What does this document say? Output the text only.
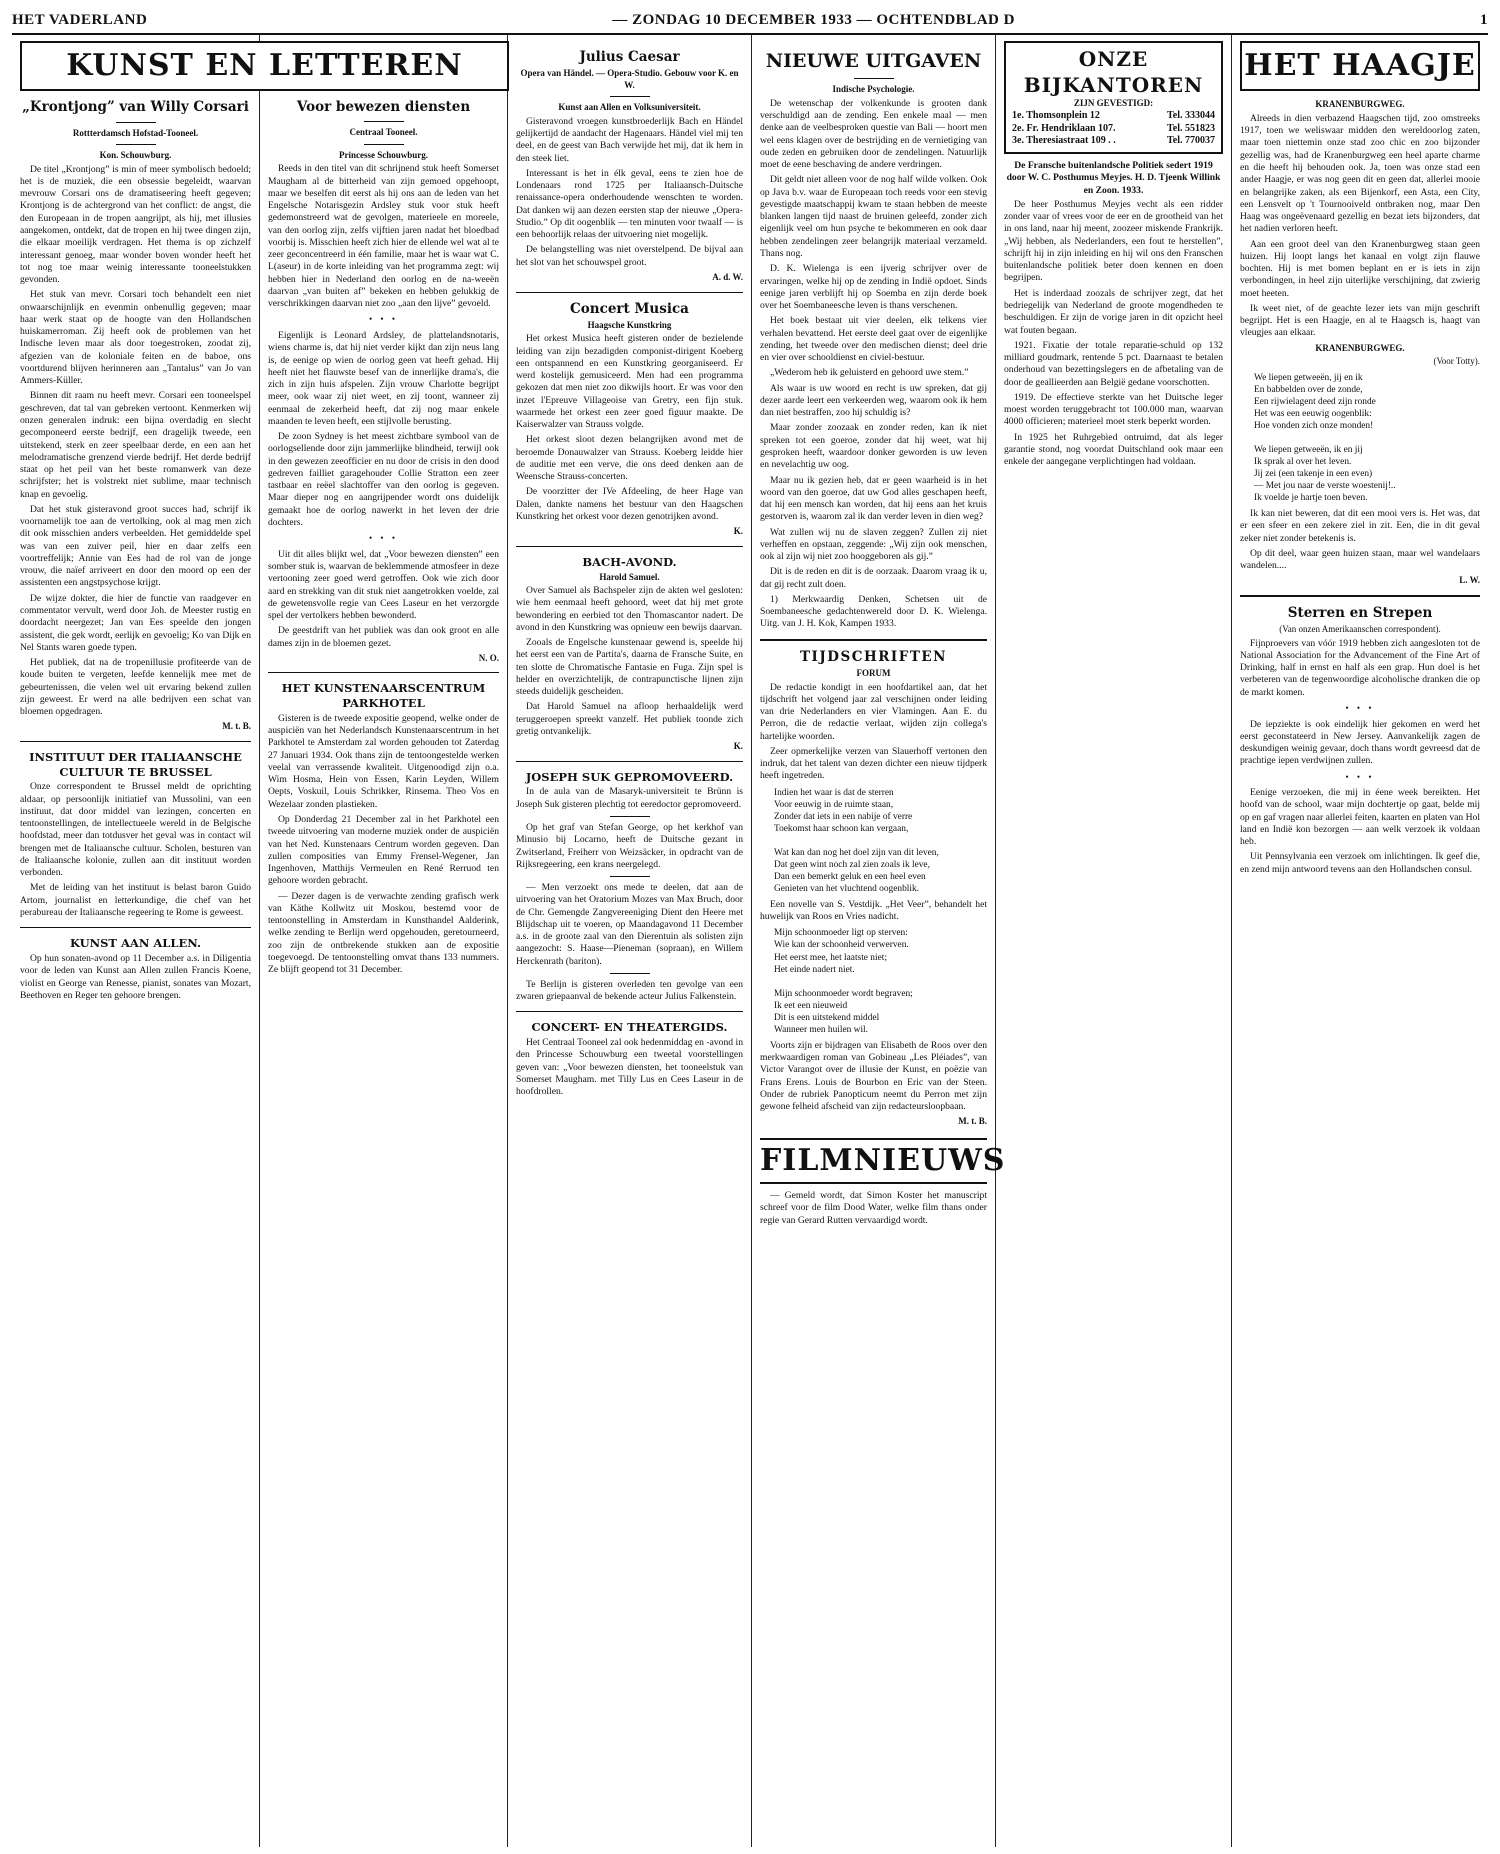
HET VADERLAND	— ZONDAG 10 DECEMBER 1933 — OCHTENDBLAD D	1
KUNST EN LETTEREN
„Krontjong” van Willy Corsari
Rottterdamsch Hofstad-Tooneel.
Kon. Schouwburg.

De titel „Krontjong” is min of meer symbolisch bedoeld; het is de muziek, die een obsessie begeleidt, waarvan mevrouw Corsari ons de dramatiseering heeft gegeven; Krontjong is de achtergrond van het conflict: de angst, die den Europeaan in de tropen aangrijpt, als hij, met illusies aangekomen, ontdekt, dat de tropen en hij twee dingen zijn, die elkaar moeilijk verdragen. Het thema is op zichzelf interessant genoeg, maar wonder boven wonder heeft het tot nog toe maar weinig interessante tooneelstukken gevonden.

Het stuk van mevr. Corsari toch behandelt een niet onwaarschijnlijk en evenmin onbenullig gegeven; maar haar werk staat op de hoogte van den Hollandschen huiskamerroman. Zij heeft ook de problemen van het Indische leven maar als door toegestroken, zoodat zij, afgezien van de koloniale feiten en de baboe, ons voortdurend blijven herinneren aan „Tantalus” van Jo van Ammers-Küller.

Binnen dit raam nu heeft mevr. Corsari een tooneelspel geschreven, dat tal van gebreken vertoont. Kenmerken wij onzen generalen indruk: een bijna overdadig en slecht gecomponeerd eerste bedrijf, een dragelijk tweede, een uitstekend, sterk en zeer speelbaar derde, en een aan het melodramatische grenzend vierde bedrijf. Het derde bedrijf staat op het peil van het beste romanwerk van deze schrijfster; het is volstrekt niet sublime, maar technisch knap en gevoelig.

Dat het stuk gisteravond groot succes had, schrijf ik voornamelijk toe aan de vertolking, ook al mag men zich dit ook misschien anders verbeelden. Het gemiddelde spel was van een zuiver peil, hier en daar zelfs een voortreffelijk; Annie van Ees had de rol van de jonge vrouw, die naïef arriveert en door den moord op een der assistenten een angstpsychose krijgt.

De wijze dokter, die hier de functie van raadgever en commentator vervult, werd door Joh. de Meester rustig en doordacht neergezet; Jan van Ees speelde den jongen assistent, die gek wordt, eerlijk en gevoelig; Ko van Dijk en Nel Stants waren goede typen.

Het publiek, dat na de tropenillusie profiteerde van de koude buiten te vergeten, leefde kennelijk mee met de gebeurtenissen, die velen wel uit ervaring bekend zullen zijn geweest. Er werd na alle bedrijven een schat van bloemen opgedragen.

M. t. B.
INSTITUUT DER ITALIAANSCHE CULTUUR TE BRUSSEL

Onze correspondent te Brussel meldt de oprichting aldaar, op persoonlijk initiatief van Mussolini, van een instituut, dat door middel van lezingen, concerten en tentoonstellingen, de intellectueele wereld in de Belgische hoofdstad, meer dan totdusver het geval was in contact wil brengen met de Italiaansche cultuur. Scholen, besturen van de Italiaansche kolonie, zullen aan dit instituut worden verbonden.

Met de leiding van het instituut is belast baron Guido Artom, journalist en letterkundige, die chef van het perabureau der Italiaansche regeering te Rome is geweest.

KUNST AAN ALLEN.

Op hun sonaten-avond op 11 December a.s. in Diligentia voor de leden van Kunst aan Allen zullen Francis Koene, violist en George van Renesse, pianist, sonates van Mozart, Beethoven en Reger ten gehoore brengen.

Voor bewezen diensten
Centraal Tooneel.
Princesse Schouwburg.

Reeds in den titel van dit schrijnend stuk heeft Somerset Maugham al de bitterheid van zijn gemoed opgehoopt, maar we beselfen dit eerst als hij ons aan de leden van het Engelsche Notarisgezin Ardsley stuk voor stuk heeft gedemonstreerd wat de gevolgen, materieele en moreele, van den oorlog zijn, zelfs vijftien jaren nadat het bloedbad voorbij is. Misschien heeft zich hier de ellende wel wat al te zeer geconcentreerd in één familie, maar het is waar wat C. L(aseur) in de korte inleiding van het programma zegt: wij hebben hier in Nederland den oorlog en de na-weeën daarvan „van buiten af” bekeken en hebben gelukkig de verschrikkingen daarvan niet zoo „aan den lijve” gevoeld.

• • •

Eigenlijk is Leonard Ardsley, de plattelandsnotaris, wiens charme is, dat hij niet verder kijkt dan zijn neus lang is, de eenige op wien de oorlog geen vat heeft gehad. Hij heeft niet het flauwste besef van de innerlijke drama's, die zich in zijn huis afspelen. Zijn vrouw Charlotte begrijpt meer, ook waar zij niet weet, en zij toont, wanneer zij eenmaal de zekerheid heeft, dat zij nog maar enkele maanden te leven heeft, een stijlvolle berusting.

De zoon Sydney is het meest zichtbare symbool van de oorlogsellende door zijn jammerlijke blindheid, terwijl ook in den gewezen zeeofficier en nu door de crisis in den dood gedreven failliet garagehouder Collie Stratton een zeer tastbaar en reëel slachtoffer van den oorlog is gegeven. Maar dieper nog en aangrijpender wordt ons duidelijk gemaakt hoe de oorlog nawerkt in het leven der drie dochters.

• • •

Uit dit alles blijkt wel, dat „Voor bewezen diensten” een somber stuk is, waarvan de beklemmende atmosfeer in deze vertooning zeer goed werd getroffen. Ook wie zich door aard en strekking van dit stuk niet aangetrokken voelde, zal de gewetensvolle regie van Cees Laseur en het verzorgde spel der vertolkers hebben bewonderd.

De geestdrift van het publiek was dan ook groot en alle dames zijn in de bloemen gezet.

N. O.
HET KUNSTENAARSCENTRUM PARKHOTEL

Gisteren is de tweede expositie geopend, welke onder de auspiciën van het Nederlandsch Kunstenaarscentrum in het Parkhotel te Amsterdam zal worden gehouden tot Zaterdag 27 Januari 1934. Ook thans zijn de tentoongestelde werken veelal van verrassende kwaliteit. Uitgenoodigd zijn o.a. Wim Hosma, Hein von Essen, Karin Leyden, Willem Oepts, Voskuil, Louis Schrikker, Rinsema. Theo Vos en Wezelaar zonden plastieken.

Op Donderdag 21 December zal in het Parkhotel een tweede uitvoering van moderne muziek onder de auspiciën van het Ned. Kunstenaars Centrum worden gegeven. Dan zullen composities van Emmy Frensel-Wegener, Jan Ingenhoven, Matthijs Vermeulen en René Rerruod ten gehoore worden gebracht.

— Dezer dagen is de verwachte zending grafisch werk van Käthe Kollwitz uit Moskou, bestemd voor de tentoonstelling in Amsterdam in Kunsthandel Aalderink, welke zending te Berlijn werd opgehouden, geretourneerd, zoo zijn de ontbrekende stukken aan de expositie toegevoegd. De tentoonstelling omvat thans 133 nummers. Ze blijft geopend tot 31 December.

Julius Caesar
Opera van Händel. — Opera-Studio. Gebouw voor K. en W.
Kunst aan Allen en Volksuniversiteit.

Gisteravond vroegen kunstbroederlijk Bach en Händel gelijkertijd de aandacht der Hagenaars. Händel viel mij ten deel, en de geest van Bach verwijde het mij, dat ik hem in den steek liet.

Interessant is het in élk geval, eens te zien hoe de Londenaars rond 1725 per Italiaansch-Duitsche renaissance-opera onderhoudende wenschten te worden. Dat danken wij aan dezen eersten stap der nieuwe „Opera-Studio.” Op dit oogenblik — ten minuten voor twaalf — is een behoorlijk relaas der uitvoering niet mogelijk.

De belangstelling was niet overstelpend. De bijval aan het slot van het schouwspel groot.

A. d. W.
Concert Musica
Haagsche Kunstkring

Het orkest Musica heeft gisteren onder de bezielende leiding van zijn bezadigden componist-dirigent Koeberg een ontspannend en een Kunstkring georganiseerd. Er werd kostelijk gemusiceerd. Men had een programma gekozen dat men niet zoo dikwijls hoort. Er was voor den inzet l'Epreuve Villageoise van Gretry, een fijn stuk. waarmede het orkest een zeer goed figuur maakte. De Kaiserwalzer van Strauss volgde.

Het orkest sloot dezen belangrijken avond met de beroemde Donauwalzer van Strauss. Koeberg leidde hier de auditie met een verve, die ons deed denken aan de Weensche Strauss-concerten.

De voorzitter der IVe Afdeeling, de heer Hage van Dalen, dankte namens het bestuur van den Haagschen Kunstkring het orkest voor dezen genotrijken avond.

K.
BACH-AVOND.
Harold Samuel.

Over Samuel als Bachspeler zijn de akten wel gesloten: wie hem eenmaal heeft gehoord, weet dat hij met grote bewondering en eerbied tot den Thomascantor nadert. De avond in den Kunstkring was opnieuw een bewijs daarvan.

Zooals de Engelsche kunstenaar gewend is, speelde hij het eerst een van de Partita's, daarna de Fransche Suite, en ten slotte de Chromatische Fantasie en Fuga. Zijn spel is helder en overzichtelijk, de contrapunctische lijnen zijn steeds duidelijk gescheiden.

Dat Harold Samuel na afloop herhaaldelijk werd teruggeroepen spreekt vanzelf. Het publiek toonde zich gretig ontvankelijk.

K.
JOSEPH SUK GEPROMOVEERD.

In de aula van de Masaryk-universiteit te Brünn is Joseph Suk gisteren plechtig tot eeredoctor gepromoveerd.

Op het graf van Stefan George, op het kerkhof van Minusio bij Locarno, heeft de Duitsche gezant in Zwitserland, Freiherr von Weizsäcker, in opdracht van de Rijksregeering, een krans neergelegd.

— Men verzoekt ons mede te deelen, dat aan de uitvoering van het Oratorium Mozes van Max Bruch, door de Chr. Gemengde Zangvereeniging Dient den Heere met Blijdschap uit te voeren, op Maandagavond 11 December a.s. in de groote zaal van den Dierentuin als solisten zijn aangezocht: S. Haase—Pieneman (sopraan), en Willem Herckenrath (bariton).

Te Berlijn is gisteren overleden ten gevolge van een zwaren griepaanval de bekende acteur Julius Falkenstein.

CONCERT- EN THEATERGIDS.

Het Centraal Tooneel zal ook hedenmiddag en -avond in den Princesse Schouwburg een tweetal voorstellingen geven van: „Voor bewezen diensten, het tooneelstuk van Somerset Maugham. met Tilly Lus en Cees Laseur in de hoofdrollen.

NIEUWE UITGAVEN
Indische Psychologie.

De wetenschap der volkenkunde is grooten dank verschuldigd aan de zending. Een enkele maal — men denke aan de veelbesproken questie van Bali — hoort men wel eens klagen over de bestrijding en de vernietiging van oude zeden en gebruiken door de zendelingen. Natuurlijk moet de eene beschaving de andere verdringen.

Dit geldt niet alleen voor de nog half wilde volken. Ook op Java b.v. waar de Europeaan toch reeds voor een stevig gevestigde maatschappij kwam te staan hebben de meeste blanken langen tijd naast de bruinen geleefd, zonder zich eigenlijk veel om hun psyche te bekommeren en ook daar hebben zendelingen zeer belangrijk materiaal verzameld. Thans nog.

D. K. Wielenga is een ijverig schrijver over de ervaringen, welke hij op de zending in Indië opdoet. Sinds eenige jaren verblijft hij op Soemba en zijn derde boek over het Soembaneesche leven is thans verschenen.

Het boek bestaat uit vier deelen, elk telkens vier verhalen bevattend. Het eerste deel gaat over de eigenlijke zending, het tweede over den medischen dienst; deel drie en vier over schooldienst en civiel-bestuur.

„Wederom heb ik geluisterd en gehoord uwe stem.”

Als waar is uw woord en recht is uw spreken, dat gij dezer aarde leert een verkeerden weg, waarom ook ik hem dan niet bestraffen, zoo hij schuldig is?

Maar zonder zoozaak en zonder reden, kan ik niet spreken tot een goeroe, zonder dat hij weet, wat hij gesproken heeft, waardoor donker geworden is uw leven en nevelachtig uw oog.

Maar nu ik gezien heb, dat er geen waarheid is in het woord van den goeroe, dat uw God alles geschapen heeft, dat hij een mensch kan worden, dat hij eens aan het kruis gestorven is, waarom zal ik dan verder leven in dien weg?

Wat zullen wij nu de slaven zeggen? Zullen zij niet verheffen en opstaan, zeggende: „Wij zijn ook menschen, ook al zijn wij niet zoo hooggeboren als gij.”

Dit is de reden en dit is de oorzaak. Daarom vraag ik u, dat gij recht zult doen.

1) Merkwaardig Denken, Schetsen uit de Soembaneesche gedachtenwereld door D. K. Wielenga. Uitg. van J. H. Kok, Kampen 1933.

TIJDSCHRIFTEN
FORUM

De redactie kondigt in een hoofdartikel aan, dat het tijdschrift het volgend jaar zal verschijnen onder leiding van drie Nederlanders en vier Vlamingen. Aan E. du Perron, die de redactie verlaat, wijden zijn collega's hartelijke woorden.

Zeer opmerkelijke verzen van Slauerhoff vertonen den indruk, dat het talent van dezen dichter een nieuw tijdperk heeft ingetreden.

Indien het waar is dat de sterren

Voor eeuwig in de ruimte staan,

Zonder dat iets in een nabije of verre

Toekomst haar schoon kan vergaan,

Wat kan dan nog het doel zijn van dit leven,

Dat geen wint noch zal zien zoals ik leve,

Dan een bemerkt geluk en een heel even

Genieten van het vluchtend oogenblik.

Een novelle van S. Vestdijk. „Het Veer”, behandelt het huwelijk van Roos en Vries nadicht.

Mijn schoonmoeder ligt op sterven:

Wie kan der schoonheid verwerven.

Het eerst mee, het laatste niet;

Het einde nadert niet.

Mijn schoonmoeder wordt begraven;

Ik eet een nieuweid

Dit is een uitstekend middel

Wanneer men huilen wil.

Voorts zijn er bijdragen van Elisabeth de Roos over den merkwaardigen roman van Gobineau „Les Pléiades”, van Victor Varangot over de illusie der Kunst, en poëzie van Frans Erens. Louis de Bourbon en Eric van der Steen. Onder de rubriek Panopticum neemt du Perron met zijn gewone felheid afscheid van zijn redacteursloopbaan.

M. t. B.
FILMNIEUWS

— Gemeld wordt, dat Simon Koster het manuscript schreef voor de film Dood Water, welke film thans onder regie van Gerard Rutten vervaardigd wordt.

ONZE BIJKANTOREN
ZIJN GEVESTIGD:
1e. Thomsonplein 12	Tel. 333044
2e. Fr. Hendriklaan 107.	Tel. 551823
3e. Theresiastraat 109 . .	Tel. 770037
De Fransche buitenlandsche Politiek sedert 1919 door W. C. Posthumus Meyjes. H. D. Tjeenk Willink en Zoon. 1933.

De heer Posthumus Meyjes vecht als een ridder zonder vaar of vrees voor de eer en de grootheid van het in ons land, naar hij meent, zoozeer miskende Frankrijk. „Wij hebben, als Nederlanders, een fout te herstellen”, schrijft hij in zijn inleiding en hij wil ons den Franschen buitenlandsche politiek beter doen kennen en doen begrijpen.

Het is inderdaad zoozals de schrijver zegt, dat het bedriegelijk van Nederland de groote mogendheden te beschuldigen. Er zijn de vorige jaren in dit opzicht heel wat fouten begaan.

1921. Fixatie der totale reparatie-schuld op 132 milliard goudmark, rentende 5 pct. Daarnaast te betalen onderhoud van bezettingslegers en de afbetaling van de door de geallieerden aan België gedane voorschotten.

1919. De effectieve sterkte van het Duitsche leger moest worden teruggebracht tot 100.000 man, waarvan 4000 officieren; materieel moet sterk beperkt worden.

In 1925 het Ruhrgebied ontruimd, dat als leger garantie stond, nog voordat Duitschland ook maar een enkele der aangegane verplichtingen had voldaan.

HET HAAGJE
KRANENBURGWEG.

Alreeds in dien verbazend Haagschen tijd, zoo omstreeks 1917, toen we weliswaar midden den wereldoorlog zaten, maar toen niettemin onze stad zoo chic en zoo bijzonder gezellig was, had de Kranenburgweg een heel aparte charme en die heeft hij behouden ook. Ja, toen was onze stad een ander Haagje, er was nog geen dit en geen dat, allerlei mooie en belangrijke zaken, als een Bijenkorf, een Asta, een City, een Lensvelt op 't Tournooiveld ontbraken nog, maar Den Haag was ongeëvenaard gezellig en bezat iets bijzonders, dat het nadien verloren heeft.

Aan een groot deel van den Kranenburgweg staan geen huizen. Hij loopt langs het kanaal en volgt zijn flauwe bochten. Hij is met bomen beplant en er is iets in zijn verbondingen, in heel zijn uiterlijke verschijning, dat zwierig moet heeten.

Ik weet niet, of de geachte lezer iets van mijn geschrift begrijpt. Het is een Haagje, en al te Haagsch is, haagt van vleugjes aan elkaar.

KRANENBURGWEG.
(Voor Totty).

We liepen getweeën, jij en ik

En babbelden over de zonde,

Een rijwielagent deed zijn ronde

Het was een eeuwig oogenblik:

Hoe vonden zich onze monden!

We liepen getweeën, ik en jij

Ik sprak al over het leven.

Jij zei (een takenje in een even)

— Met jou naar de verste woestenij!..

Ik voelde je hartje toen beven.

Ik kan niet beweren, dat dit een mooi vers is. Het was, dat er een sfeer en een zekere ziel in zit. Een, die in dit geval zeker niet zonder betekenis is.

Op dit deel, waar geen huizen staan, maar wel wandelaars wandelen....

L. W.
Sterren en Strepen
(Van onzen Amerikaanschen correspondent).

Fijnproevers van vóór 1919 hebben zich aangesloten tot de National Association for the Advancement of the Fine Art of Drinking, half in ernst en half als een grap. Hun doel is het verbeteren van de tegenwoordige alcoholische dranken die op de markt komen.

• • •

De iepziekte is ook eindelijk hier gekomen en werd het eerst geconstateerd in New Jersey. Aanvankelijk zagen de deskundigen weinig gevaar, doch thans wordt gevreesd dat de prachtige iepen verdwijnen zullen.

• • •

Eenige verzoeken, die mij in éene week bereikten. Het hoofd van de school, waar mijn dochtertje op gaat, belde mij op en gaf vragen naar allerlei feiten, kaarten en platen van Hol land en Indië kon bezorgen — aan welk verzoek ik voldaan heb.

Uit Pennsylvania een verzoek om inlichtingen. Ik geef die, en zend mijn antwoord tevens aan den Hollandschen consul.
